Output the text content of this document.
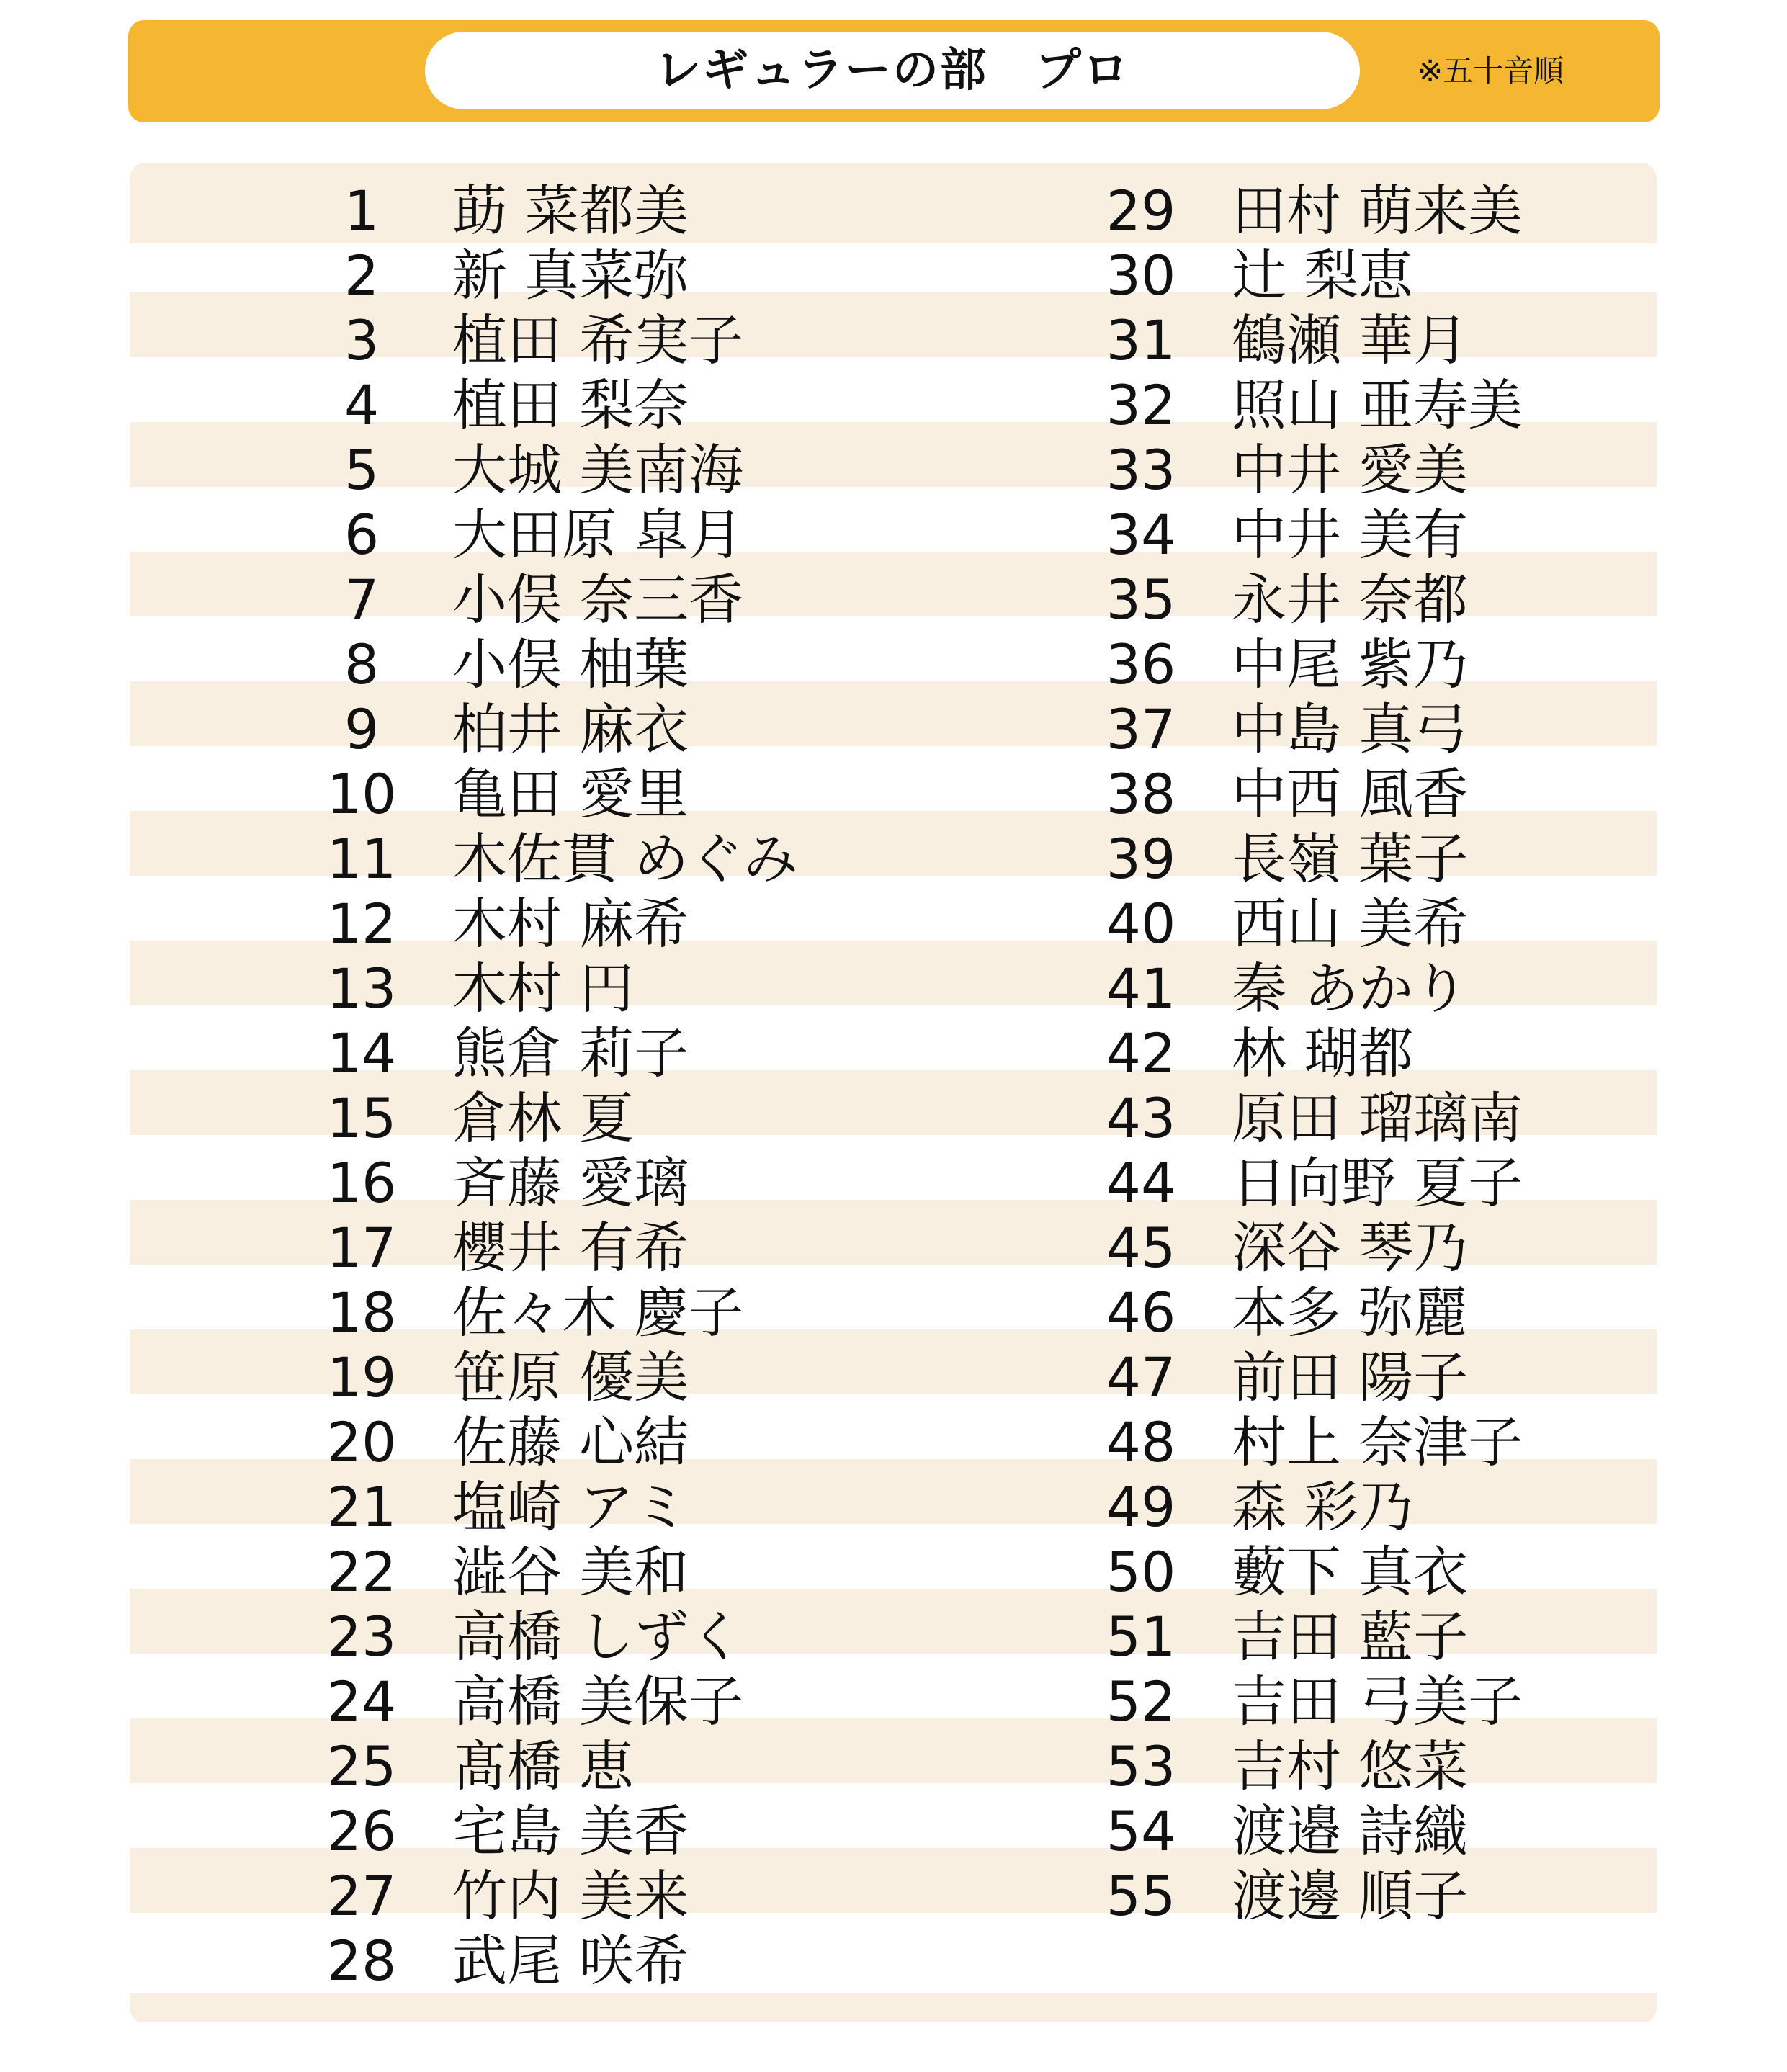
レギュラーの部　プロ	※五十音順
1	莇 菜都美
2	新 真菜弥
3	植田 希実子
4	植田 梨奈
5	大城 美南海
6	大田原 皐月
7	小俣 奈三香
8	小俣 柚葉
9	柏井 麻衣
10	亀田 愛里
11	木佐貫 めぐみ
12	木村 麻希
13	木村 円
14	熊倉 莉子
15	倉林 夏
16	斉藤 愛璃
17	櫻井 有希
18	佐々木 慶子
19	笹原 優美
20	佐藤 心結
21	塩崎 アミ
22	澁谷 美和
23	高橋 しずく
24	高橋 美保子
25	髙橋 恵
26	宅島 美香
27	竹内 美来
28	武尾 咲希
29	田村 萌来美
30	辻 梨恵
31	鶴瀬 華月
32	照山 亜寿美
33	中井 愛美
34	中井 美有
35	永井 奈都
36	中尾 紫乃
37	中島 真弓
38	中西 風香
39	長嶺 葉子
40	西山 美希
41	秦 あかり
42	林 瑚都
43	原田 瑠璃南
44	日向野 夏子
45	深谷 琴乃
46	本多 弥麗
47	前田 陽子
48	村上 奈津子
49	森 彩乃
50	藪下 真衣
51	吉田 藍子
52	吉田 弓美子
53	吉村 悠菜
54	渡邉 詩織
55	渡邊 順子
